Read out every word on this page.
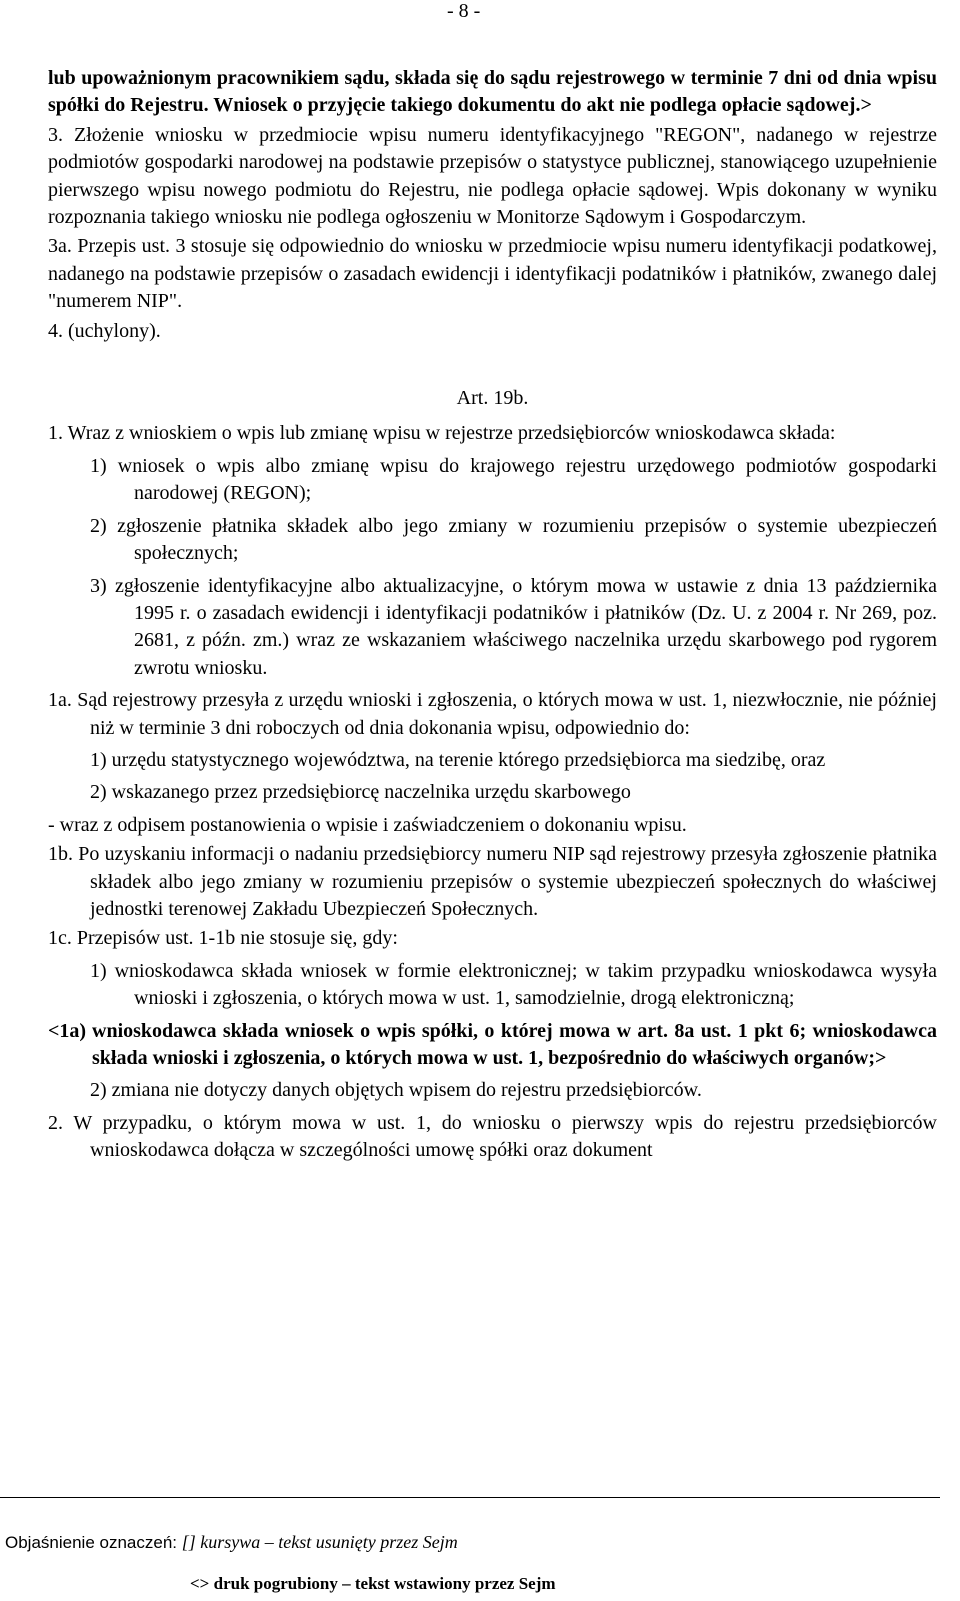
- 8 -

lub upoważnionym pracownikiem sądu, składa się do sądu rejestrowego w terminie 7 dni od dnia wpisu spółki do Rejestru. Wniosek o przyjęcie takiego dokumentu do akt nie podlega opłacie sądowej.>

3. Złożenie wniosku w przedmiocie wpisu numeru identyfikacyjnego "REGON", nadanego w rejestrze podmiotów gospodarki narodowej na podstawie przepisów o statystyce publicznej, stanowiącego uzupełnienie pierwszego wpisu nowego podmiotu do Rejestru, nie podlega opłacie sądowej. Wpis dokonany w wyniku rozpoznania takiego wniosku nie podlega ogłoszeniu w Monitorze Sądowym i Gospodarczym.

3a. Przepis ust. 3 stosuje się odpowiednio do wniosku w przedmiocie wpisu numeru identyfikacji podatkowej, nadanego na podstawie przepisów o zasadach ewidencji i identyfikacji podatników i płatników, zwanego dalej "numerem NIP".

4. (uchylony).

Art. 19b.

1. Wraz z wnioskiem o wpis lub zmianę wpisu w rejestrze przedsiębiorców wnioskodawca składa:

1) wniosek o wpis albo zmianę wpisu do krajowego rejestru urzędowego podmiotów gospodarki narodowej (REGON);

2) zgłoszenie płatnika składek albo jego zmiany w rozumieniu przepisów o systemie ubezpieczeń społecznych;

3) zgłoszenie identyfikacyjne albo aktualizacyjne, o którym mowa w ustawie z dnia 13 października 1995 r. o zasadach ewidencji i identyfikacji podatników i płatników (Dz. U. z 2004 r. Nr 269, poz. 2681, z późn. zm.) wraz ze wskazaniem właściwego naczelnika urzędu skarbowego pod rygorem zwrotu wniosku.

1a. Sąd rejestrowy przesyła z urzędu wnioski i zgłoszenia, o których mowa w ust. 1, niezwłocznie, nie później niż w terminie 3 dni roboczych od dnia dokonania wpisu, odpowiednio do:

1) urzędu statystycznego województwa, na terenie którego przedsiębiorca ma siedzibę, oraz

2) wskazanego przez przedsiębiorcę naczelnika urzędu skarbowego

- wraz z odpisem postanowienia o wpisie i zaświadczeniem o dokonaniu wpisu.

1b. Po uzyskaniu informacji o nadaniu przedsiębiorcy numeru NIP sąd rejestrowy przesyła zgłoszenie płatnika składek albo jego zmiany w rozumieniu przepisów o systemie ubezpieczeń społecznych do właściwej jednostki terenowej Zakładu Ubezpieczeń Społecznych.

1c. Przepisów ust. 1-1b nie stosuje się, gdy:

1) wnioskodawca składa wniosek w formie elektronicznej; w takim przypadku wnioskodawca wysyła wnioski i zgłoszenia, o których mowa w ust. 1, samodzielnie, drogą elektroniczną;

<1a) wnioskodawca składa wniosek o wpis spółki, o której mowa w art. 8a ust. 1 pkt 6; wnioskodawca składa wnioski i zgłoszenia, o których mowa w ust. 1, bezpośrednio do właściwych organów;>

2) zmiana nie dotyczy danych objętych wpisem do rejestru przedsiębiorców.

2. W przypadku, o którym mowa w ust. 1, do wniosku o pierwszy wpis do rejestru przedsiębiorców wnioskodawca dołącza w szczególności umowę spółki oraz dokument

Objaśnienie oznaczeń: [] kursywa – tekst usunięty przez Sejm
<> druk pogrubiony – tekst wstawiony przez Sejm
